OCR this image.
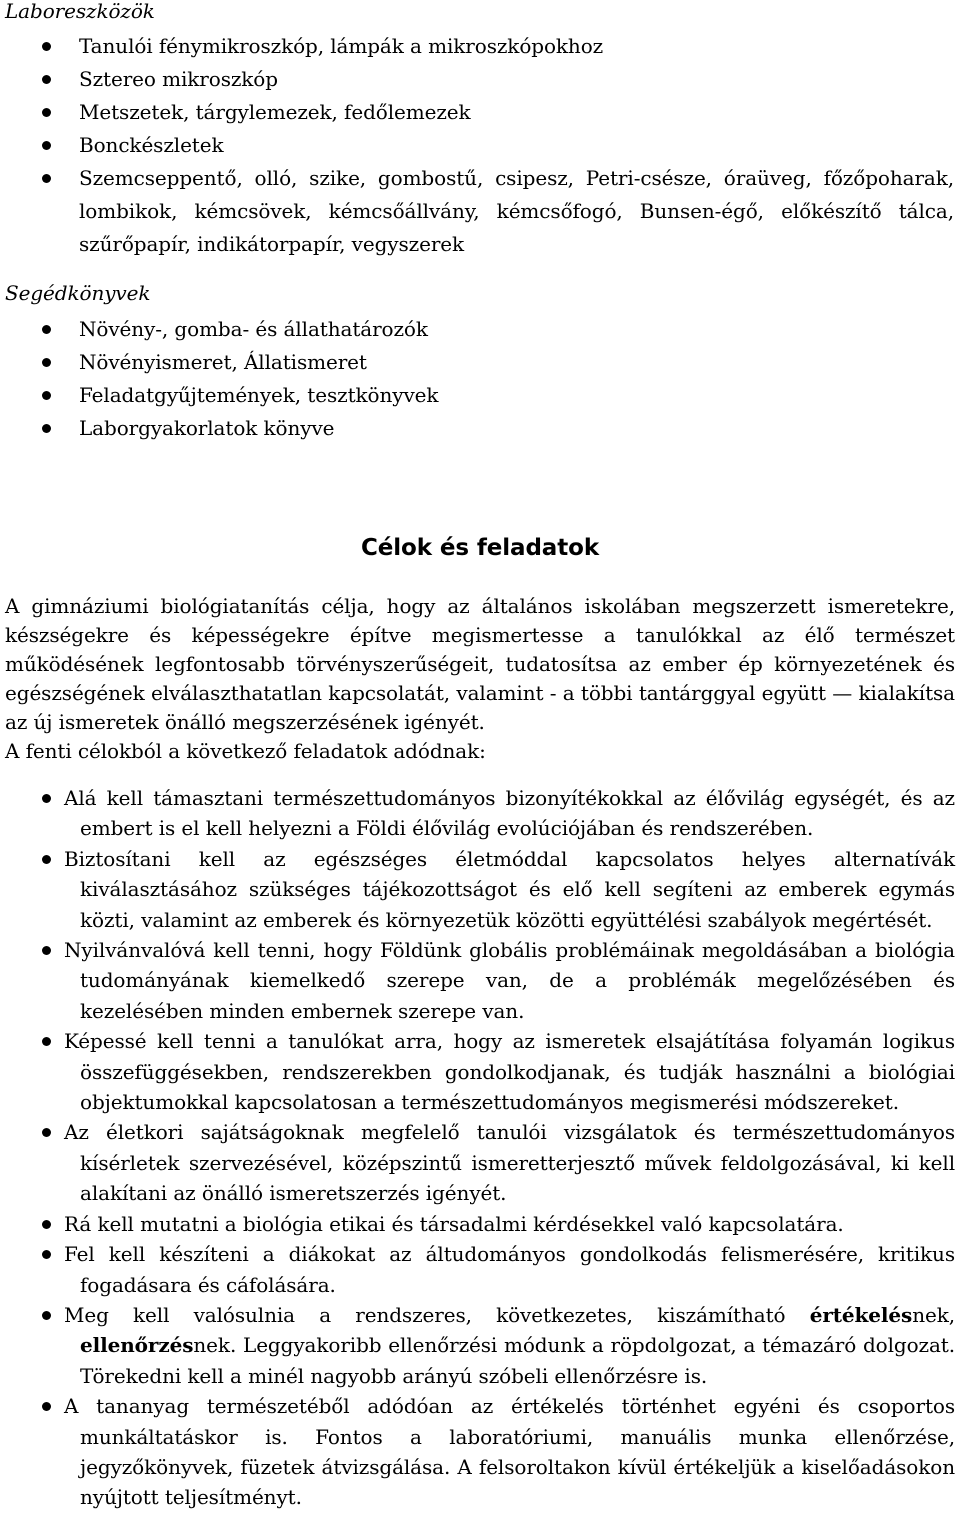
Laboreszközök
Tanulói fénymikroszkóp, lámpák a mikroszkópokhoz
Sztereo mikroszkóp
Metszetek, tárgylemezek, fedőlemezek
Bonckészletek
Szemcseppentő, olló, szike, gombostű, csipesz, Petri-csésze, óraüveg, főzőpoharak, lombikok, kémcsövek, kémcsőállvány, kémcsőfogó, Bunsen-égő, előkészítő tálca, szűrőpapír, indikátorpapír, vegyszerek
Segédkönyvek
Növény-, gomba- és állathatározók
Növényismeret, Állatismeret
Feladatgyűjtemények, tesztkönyvek
Laborgyakorlatok könyve
Célok és feladatok

A gimnáziumi biológiatanítás célja, hogy az általános iskolában megszerzett ismeretekre, készségekre és képességekre építve megismertesse a tanulókkal az élő természet működésének legfontosabb törvényszerűségeit, tudatosítsa az ember ép környezetének és egészségének elválaszthatatlan kapcsolatát, valamint - a többi tantárggyal együtt — kialakítsa az új ismeretek önálló megszerzésének igényét.

A fenti célokból a következő feladatok adódnak:

Alá kell támasztani természettudományos bizonyítékokkal az élővilág egységét, és az embert is el kell helyezni a Földi élővilág evolúciójában és rendszerében.
Biztosítani kell az egészséges életmóddal kapcsolatos helyes alternatívák kiválasztásához szükséges tájékozottságot és elő kell segíteni az emberek egymás közti, valamint az emberek és környezetük közötti együttélési szabályok megértését.
Nyilvánvalóvá kell tenni, hogy Földünk globális problémáinak megoldásában a biológia tudományának kiemelkedő szerepe van, de a problémák megelőzésében és kezelésében minden embernek szerepe van.
Képessé kell tenni a tanulókat arra, hogy az ismeretek elsajátítása folyamán logikus összefüggésekben, rendszerekben gondolkodjanak, és tudják használni a biológiai objektumokkal kapcsolatosan a természettudományos megismerési módszereket.
Az életkori sajátságoknak megfelelő tanulói vizsgálatok és természettudományos kísérletek szervezésével, középszintű ismeretterjesztő művek feldolgozásával, ki kell alakítani az önálló ismeretszerzés igényét.
Rá kell mutatni a biológia etikai és társadalmi kérdésekkel való kapcsolatára.
Fel kell készíteni a diákokat az áltudományos gondolkodás felismerésére, kritikus fogadásara és cáfolására.
Meg kell valósulnia a rendszeres, következetes, kiszámítható értékelésnek, ellenőrzésnek. Leggyakoribb ellenőrzési módunk a röpdolgozat, a témazáró dolgozat. Törekedni kell a minél nagyobb arányú szóbeli ellenőrzésre is.
A tananyag természetéből adódóan az értékelés történhet egyéni és csoportos munkáltatáskor is. Fontos a laboratóriumi, manuális munka ellenőrzése, jegyzőkönyvek, füzetek átvizsgálása. A felsoroltakon kívül értékeljük a kiselőadásokon nyújtott teljesítményt.
